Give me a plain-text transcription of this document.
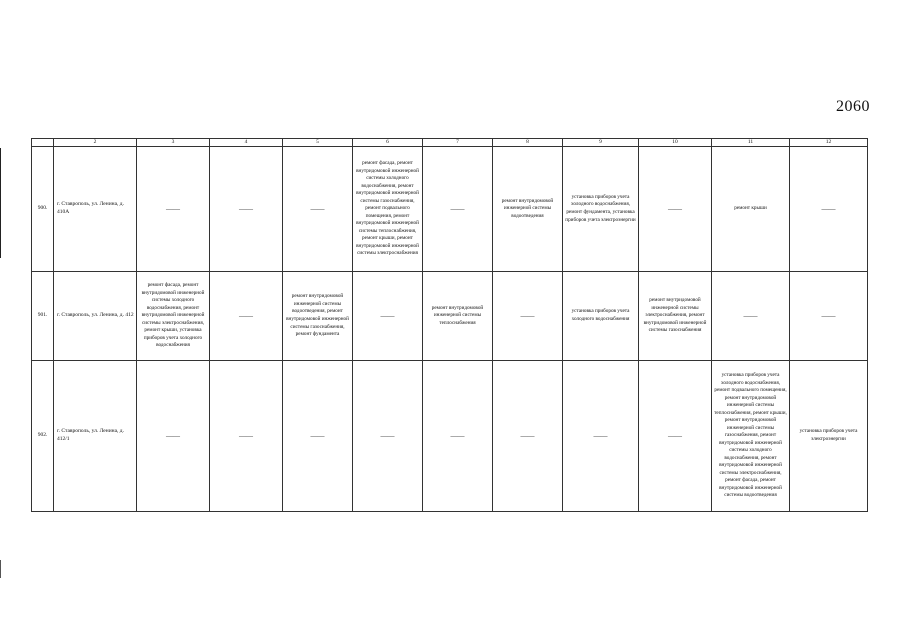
2060
	2	3	4	5	6	7	8	9	10	11	12
900.	г. Ставрополь, ул. Ленина, д. 410А	——	——	——	ремонт фасада, ремонт внутридомовой инженерной системы холодного водоснабжения, ремонт внутридомовой инженерной системы газоснабжения, ремонт подвального помещения, ремонт внутридомовой инженерной системы теплоснабжения, ремонт крыши, ремонт внутридомовой инженерной системы электроснабжения	——	ремонт внутридомовой инженерной системы водоотведения	установка приборов учета холодного водоснабжения, ремонт фундамента, установка приборов учета электроэнергии	——	ремонт крыши	——
901.	г. Ставрополь, ул. Ленина, д. 412	ремонт фасада, ремонт внутридомовой инженерной системы холодного водоснабжения, ремонт внутридомовой инженерной системы электроснабжения, ремонт крыши, установка приборов учета холодного водоснабжения	——	ремонт внутридомовой инженерной системы водоотведения, ремонт внутридомовой инженерной системы газоснабжения, ремонт фундамента	——	ремонт внутридомовой инженерной системы теплоснабжения	——	установка приборов учета холодного водоснабжения	ремонт внутридомовой инженерной системы электроснабжения, ремонт внутридомовой инженерной системы газоснабжения	——	——
902.	г. Ставрополь, ул. Ленина, д. 412/1	——	——	——	——	——	——	——	——	установка приборов учета холодного водоснабжения, ремонт подвального помещения, ремонт внутридомовой инженерной системы теплоснабжения, ремонт крыши, ремонт внутридомовой инженерной системы газоснабжения, ремонт внутридомовой инженерной системы холодного водоснабжения, ремонт внутридомовой инженерной системы электроснабжения, ремонт фасада, ремонт внутридомовой инженерной системы водоотведения	установка приборов учета электроэнергии
